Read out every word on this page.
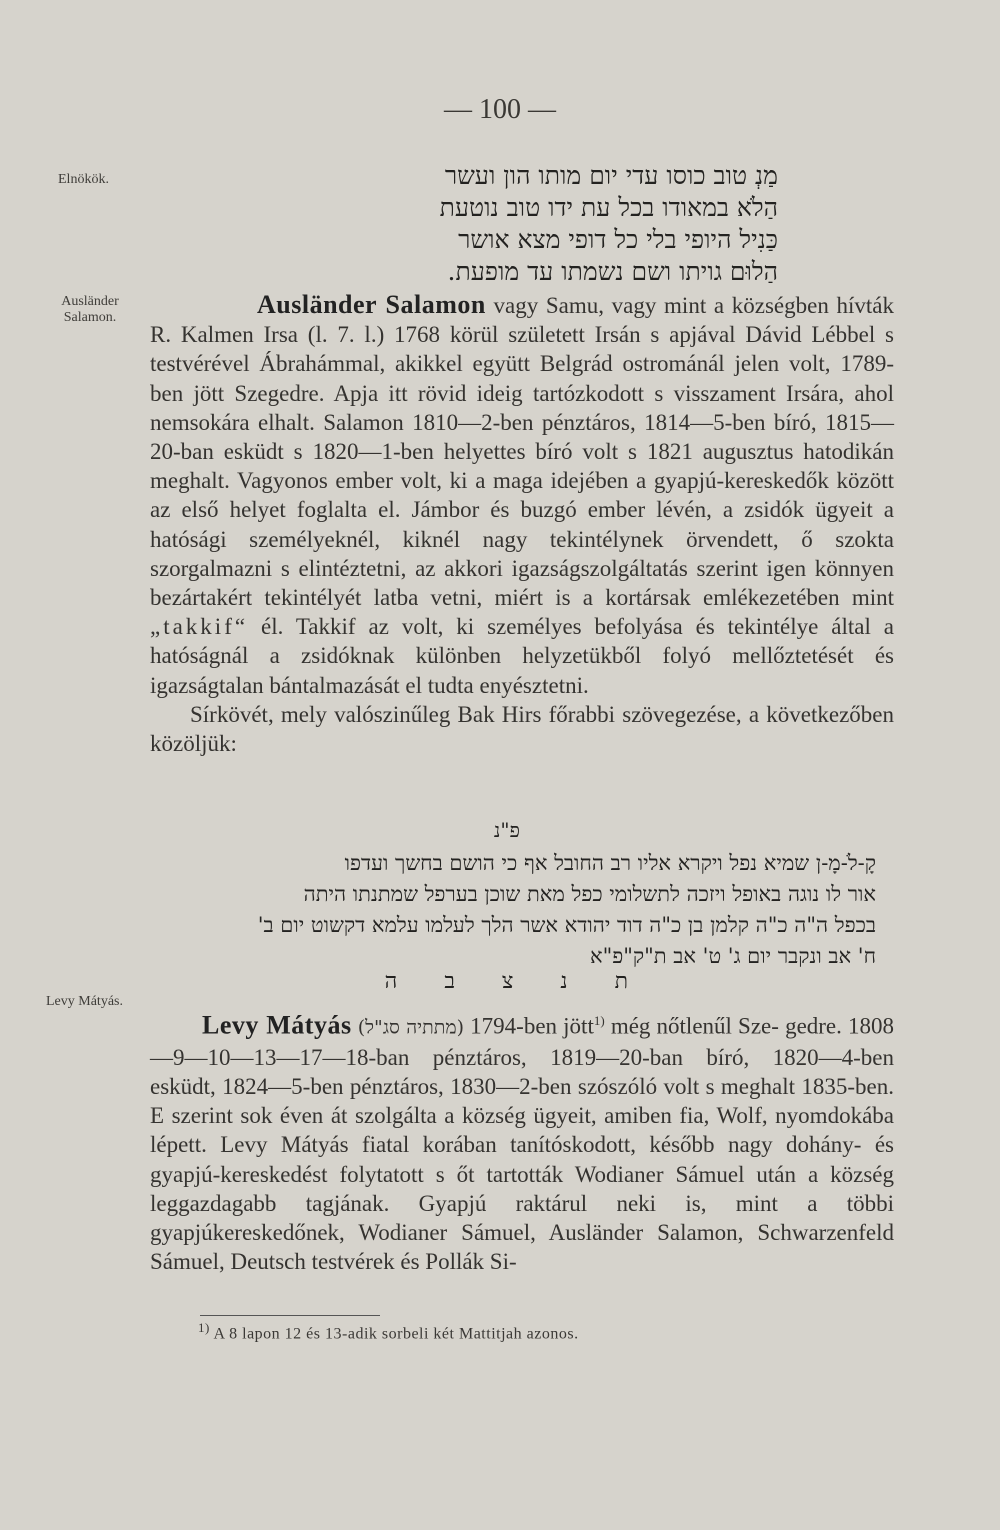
— 100 —
Elnökök.
Ausländer Salamon.
Levy Mátyás.
מַנְ טוב כוסו עדי יום מותו הון ועשר
הַלֹא במאודו בכל עת ידו טוב נוטעת
כַּנִיל היופי בלי כל דופי מצא אושר
הַלוּם גויתו ושם נשמתו עד מופעת.

Ausländer Salamon vagy Samu, vagy mint a községben hívták R. Kalmen Irsa (l. 7. l.) 1768 körül született Irsán s apjával Dávid Lébbel s testvérével Ábrahámmal, akikkel együtt Belgrád ostrománál jelen volt, 1789-ben jött Szegedre. Apja itt rövid ideig tartózkodott s visszament Irsára, ahol nemsokára elhalt. Salamon 1810—2-ben pénztáros, 1814—5-ben bíró, 1815—20-ban esküdt s 1820—1-ben helyettes bíró volt s 1821 augusztus hatodikán meghalt. Vagyonos ember volt, ki a maga idejében a gyapjú-kereskedők között az első helyet foglalta el. Jámbor és buzgó ember lévén, a zsidók ügyeit a hatósági személyeknél, kiknél nagy tekintélynek örvendett, ő szokta szorgalmazni s elintéztetni, az akkori igazságszolgáltatás szerint igen könnyen bezártakért tekintélyét latba vetni, miért is a kortársak emlékezetében mint „takkif“ él. Takkif az volt, ki személyes befolyása és tekintélye által a hatóságnál a zsidóknak különben helyzetükből folyó mellőztetését és igazságtalan bántalmazását el tudta enyésztetni.

Sírkövét, mely valószinűleg Bak Hirs főrabbi szövegezése, a következőben közöljük:

פ"נ
קָ-לֹ-מָ-ן שמיא נפל ויקרא אליו רב החובל אף כי הושם בחשך ועדפו
אור לו נוגה באופל ויזכה לתשלומי כפל מאת שוכן בערפל שמתנתו היתה
בכפל ה"ה כ"ה קלמן בן כ"ה דוד יהודא אשר הלך לעלמו עלמא דקשוט יום ב'
ח' אב ונקבר יום ג' ט' אב ת"ק"פ"א
ת נ צ ב ה

Levy Mátyás (מתתיה סג"ל) 1794-ben jött$^{1)}$ még nőtlenűl Sze- gedre. 1808—9—10—13—17—18-ban pénztáros, 1819—20-ban bíró, 1820—4-ben esküdt, 1824—5-ben pénztáros, 1830—2-ben szószóló volt s meghalt 1835-ben. E szerint sok éven át szolgálta a község ügyeit, amiben fia, Wolf, nyomdokába lépett. Levy Mátyás fiatal korában tanítóskodott, később nagy dohány- és gyapjú-kereskedést folytatott s őt tartották Wodianer Sámuel után a község leggazdagabb tagjának. Gyapjú raktárul neki is, mint a többi gyapjúkereskedőnek, Wodianer Sámuel, Ausländer Salamon, Schwarzenfeld Sámuel, Deutsch testvérek és Pollák Si-

$^{1)}$ A 8 lapon 12 és 13-adik sorbeli két Mattitjah azonos.
